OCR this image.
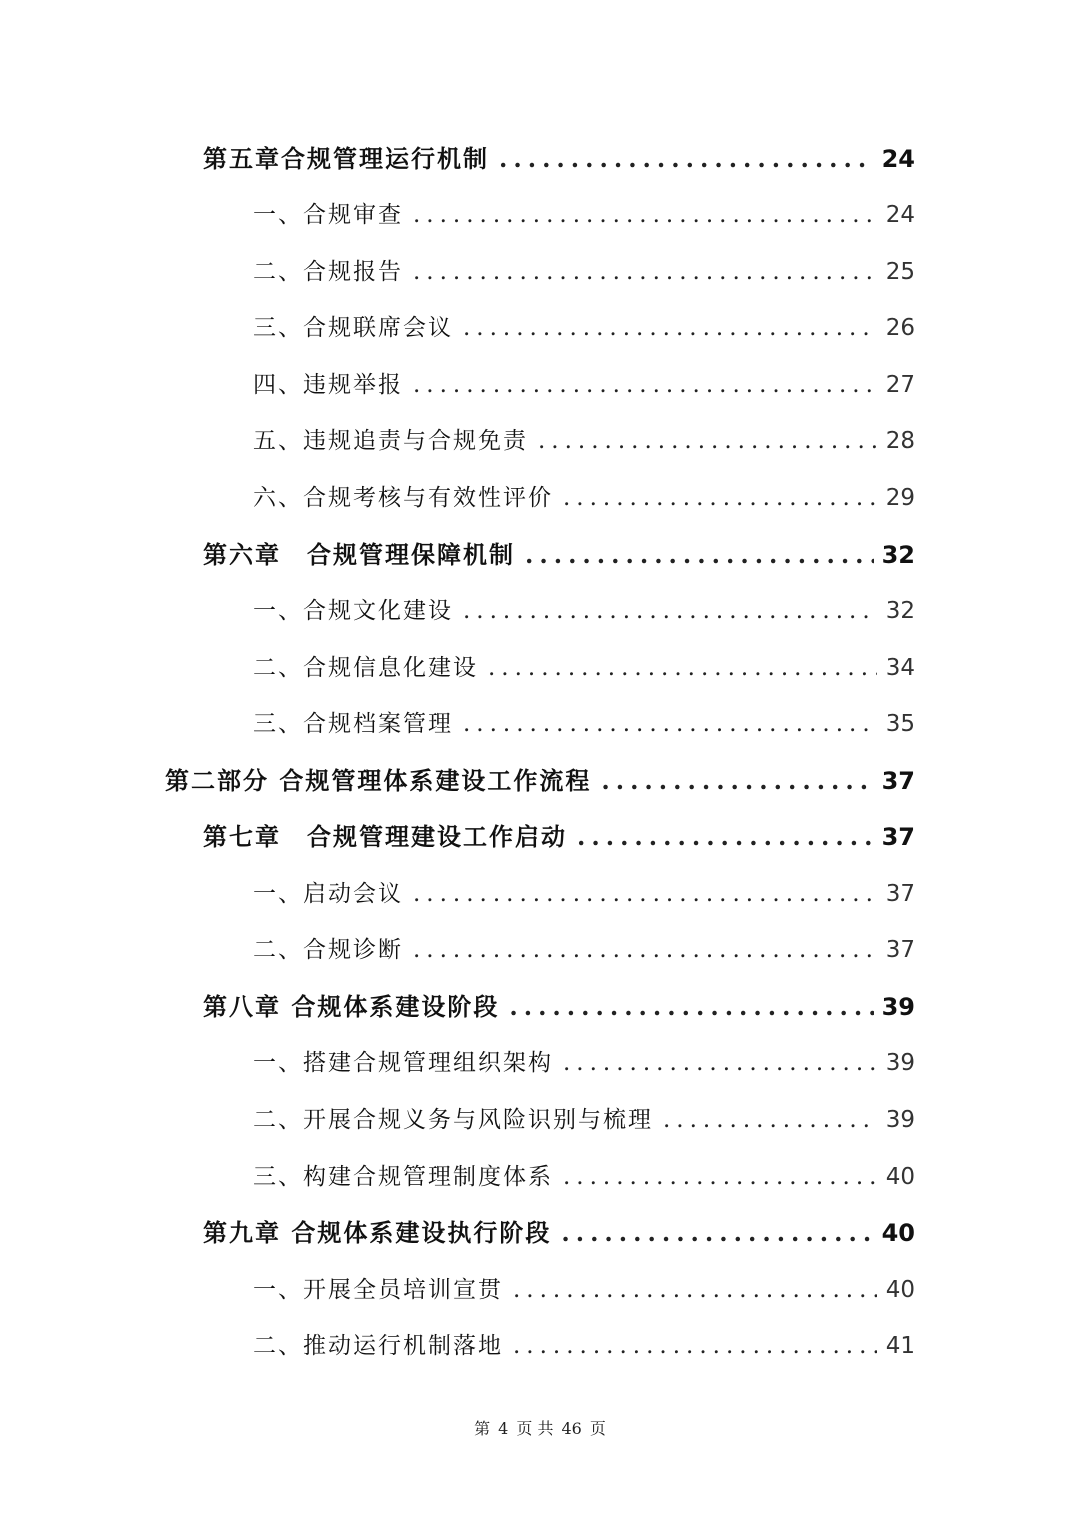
第五章合规管理运行机制 .....	24
一、合规审查 .....	24
二、合规报告 .....	25
三、合规联席会议 .....	26
四、违规举报 .....	27
五、违规追责与合规免责 .....	28
六、合规考核与有效性评价 .....	29
第六章　合规管理保障机制 .....	32
一、合规文化建设 .....	32
二、合规信息化建设 .....	34
三、合规档案管理 .....	35
第二部分 合规管理体系建设工作流程 .....	37
第七章　合规管理建设工作启动 .....	37
一、启动会议 .....	37
二、合规诊断 .....	37
第八章 合规体系建设阶段 .....	39
一、搭建合规管理组织架构 .....	39
二、开展合规义务与风险识别与梳理 .....	39
三、构建合规管理制度体系 .....	40
第九章 合规体系建设执行阶段 .....	40
一、开展全员培训宣贯 .....	40
二、推动运行机制落地 .....	41
第 4 页 共 46 页
